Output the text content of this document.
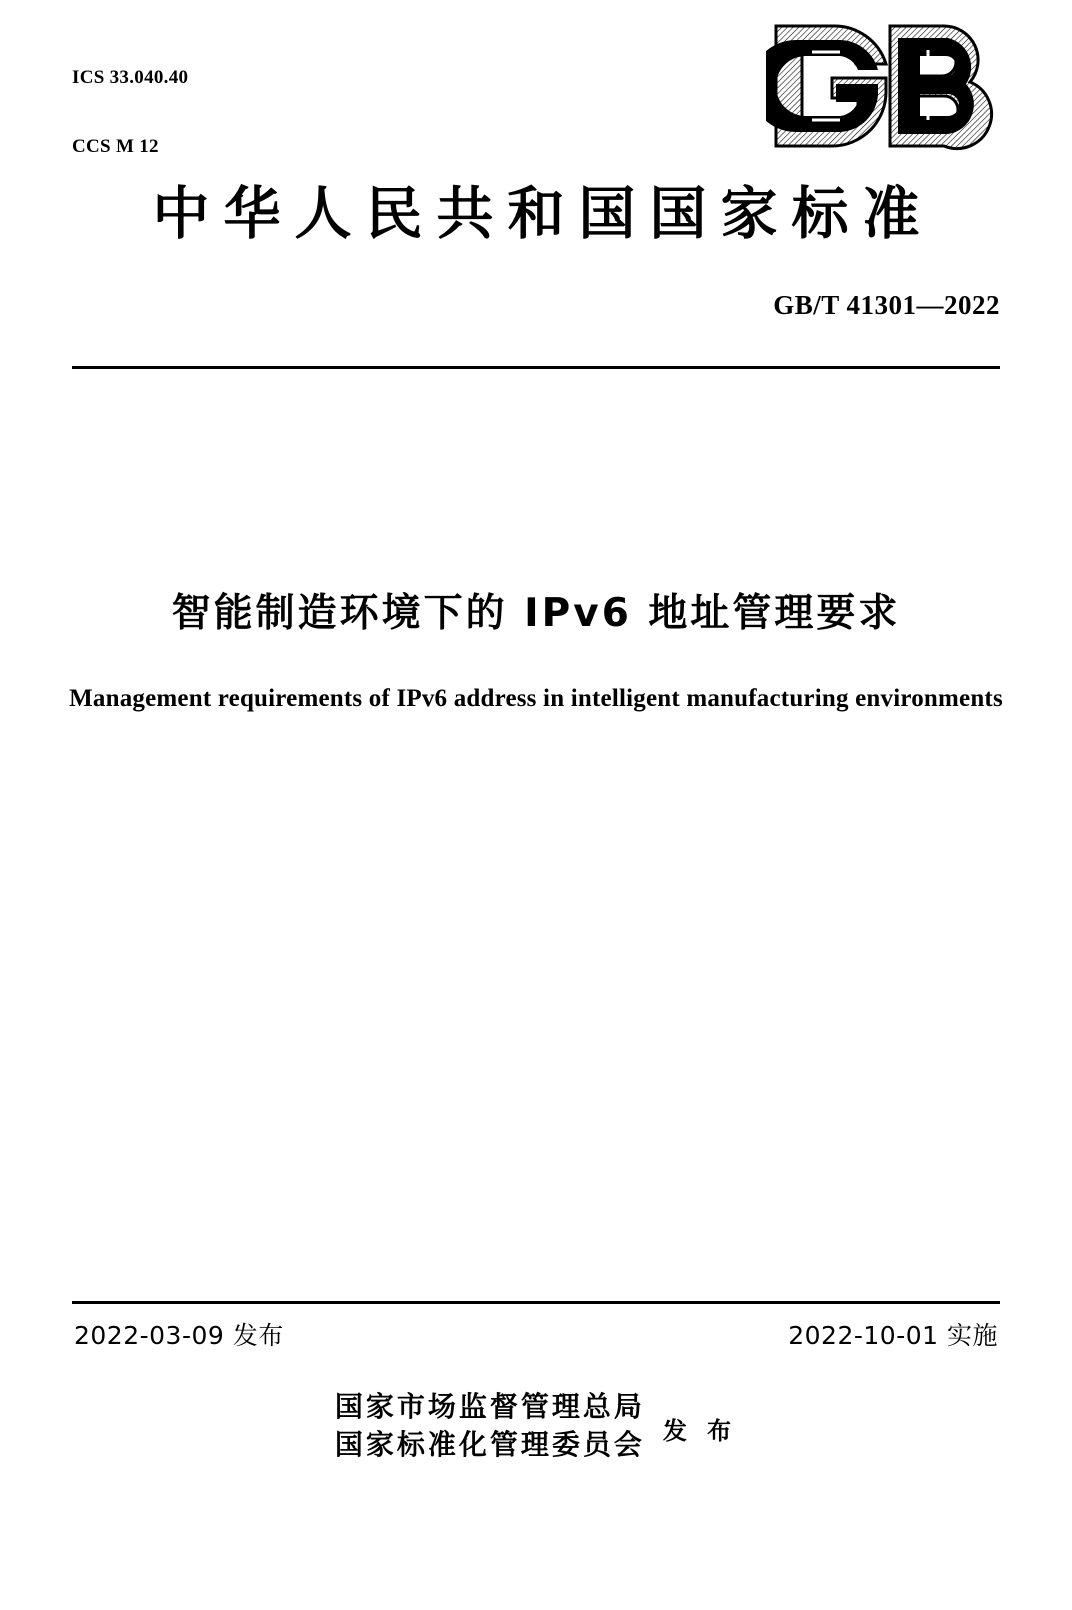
ICS 33.040.40

CCS M 12

中华人民共和国国家标准
GB/T 41301—2022
智能制造环境下的 IPv6 地址管理要求
Management requirements of IPv6 address in intelligent manufacturing environments
2022-03-09 发布	2022-10-01 实施
国家市场监督管理总局
国家标准化管理委员会 发 布
